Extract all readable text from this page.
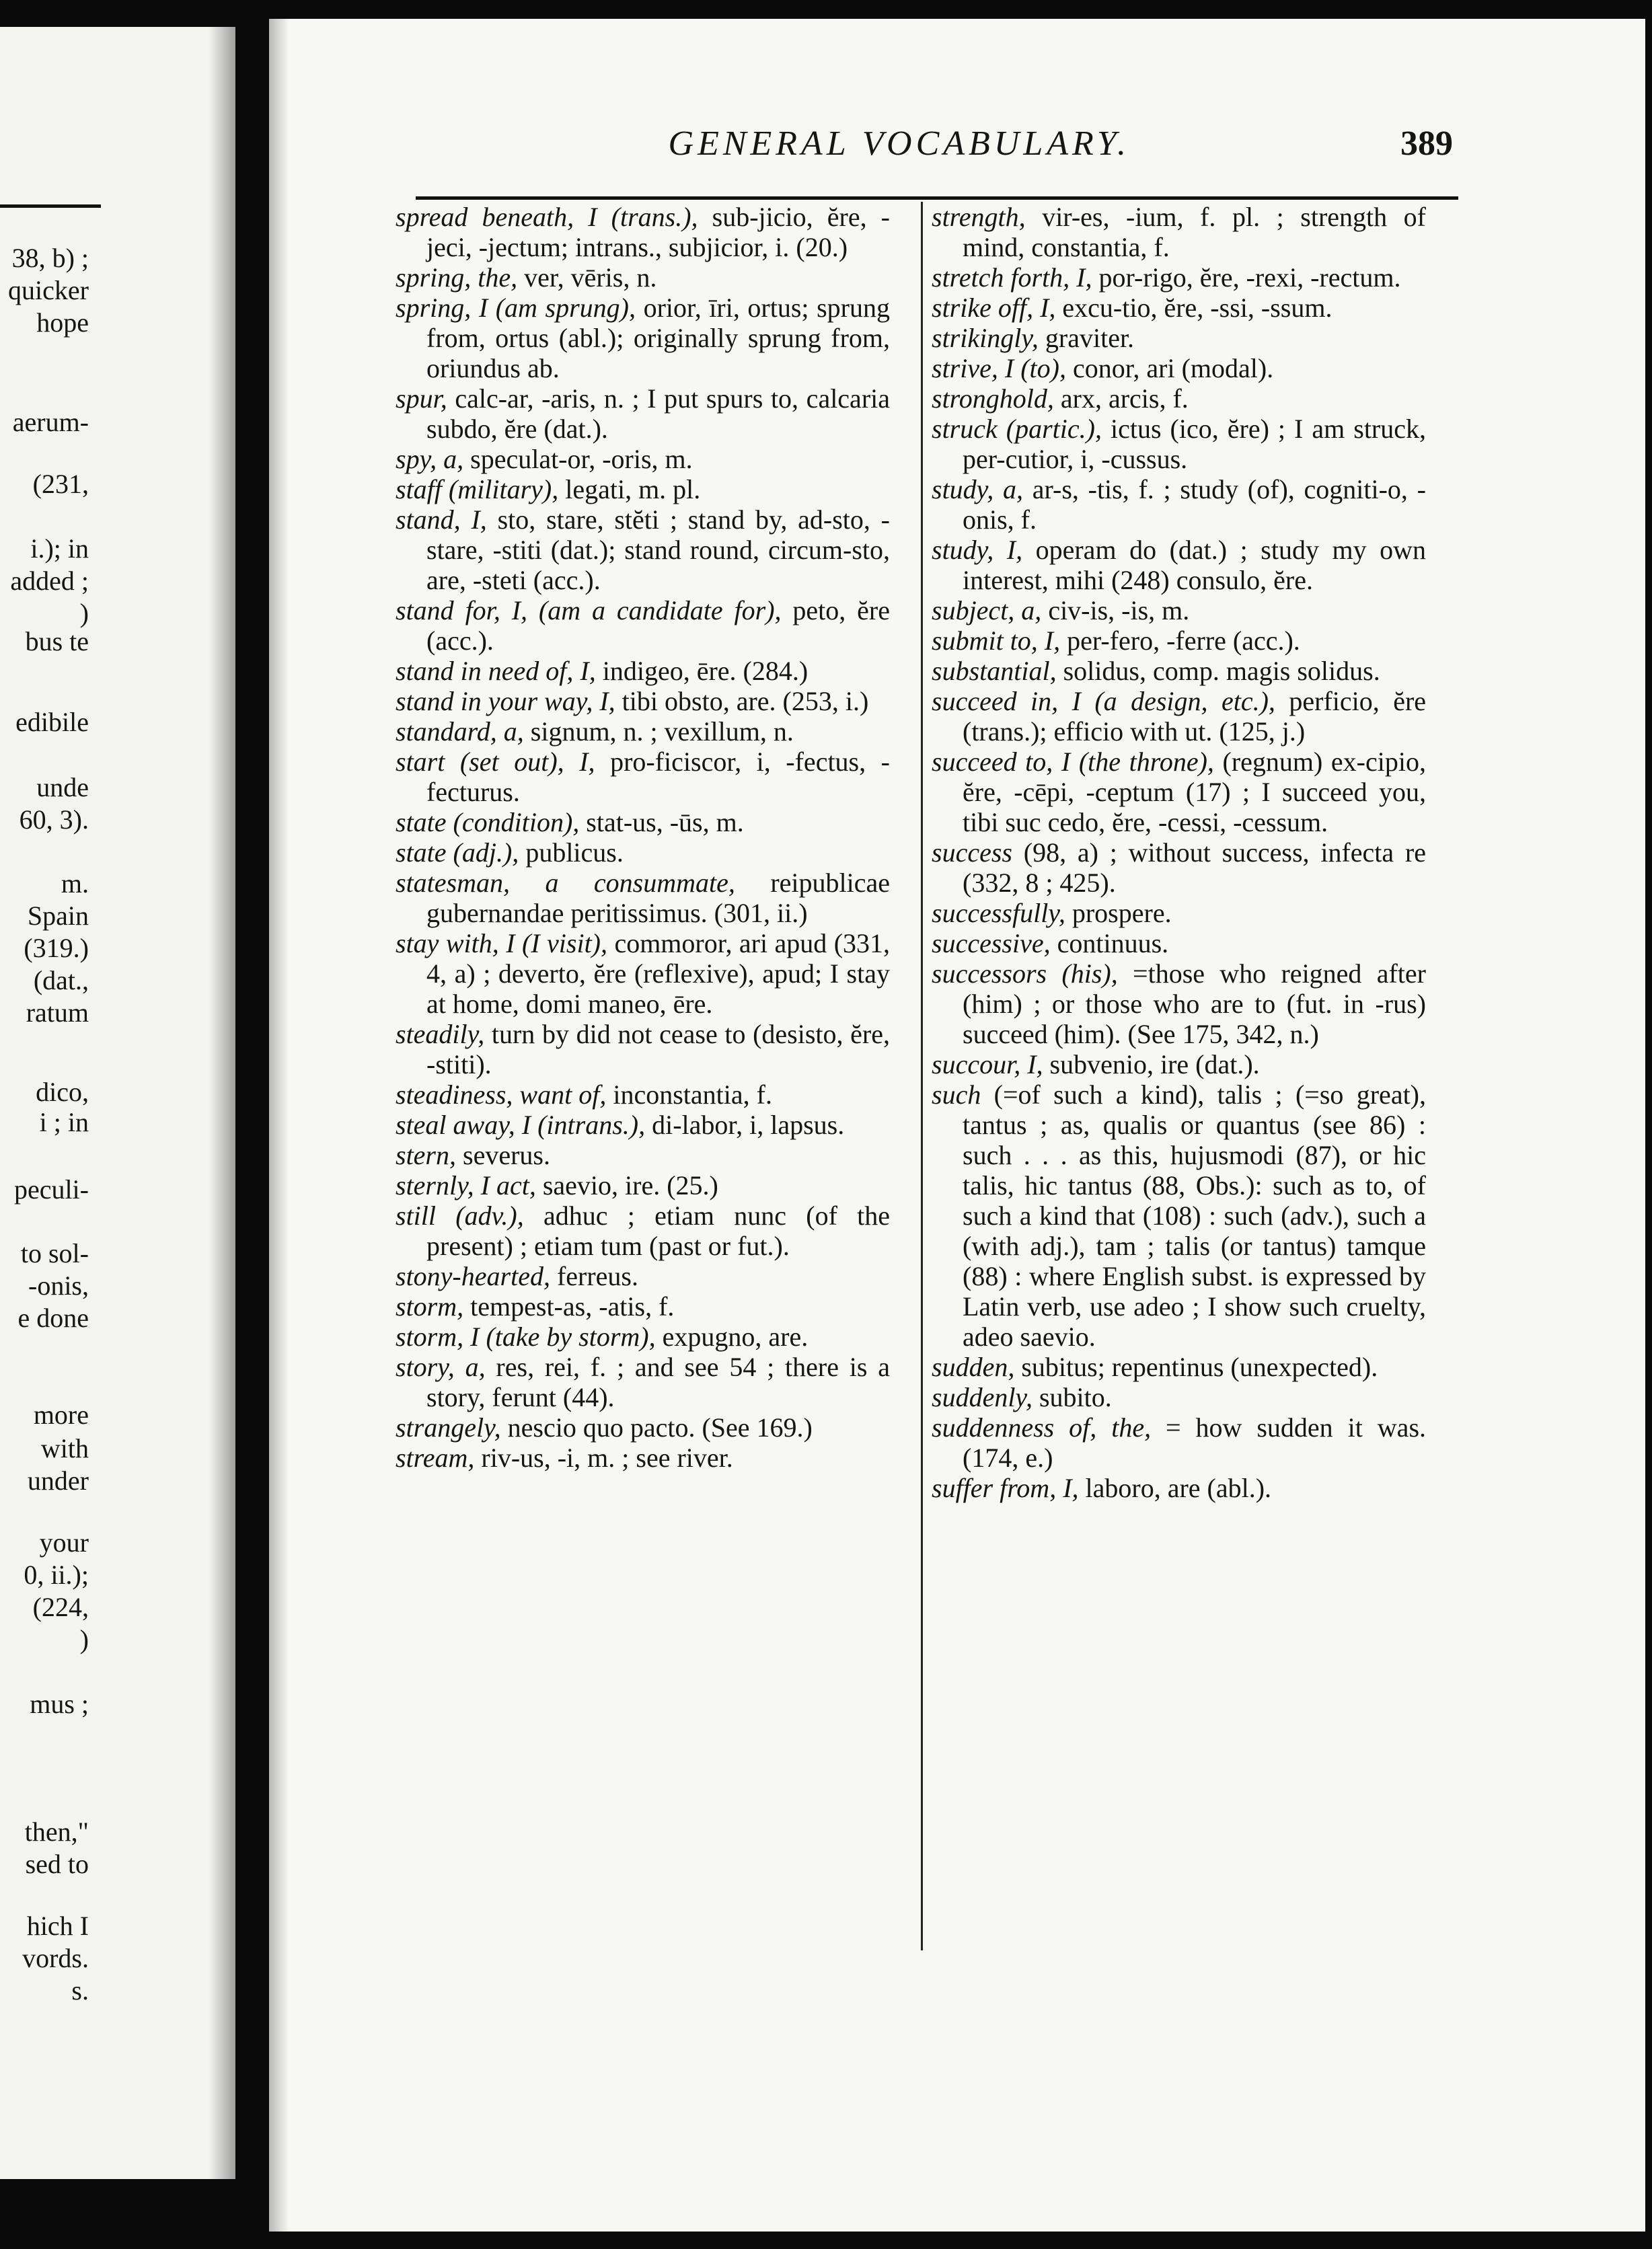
38, b) ;
quicker
hope
aerum-
(231,
i.); in
added ;
)
bus te
edibile
unde
60, 3).
m.
Spain
(319.)
(dat.,
ratum
dico,
i ; in
peculi-
to sol-
-onis,
e done
more
with
under
your
0, ii.);
(224,
)
mus ;
then,"
sed to
hich I
vords.
s.
GENERAL VOCABULARY.	389

spread beneath, I (trans.), sub-jicio, ĕre, -jeci, -jectum; intrans., subjicior, i. (20.)

spring, the, ver, vēris, n.

spring, I (am sprung), orior, īri, ortus; sprung from, ortus (abl.); originally sprung from, oriundus ab.

spur, calc-ar, -aris, n. ; I put spurs to, calcaria subdo, ĕre (dat.).

spy, a, speculat-or, -oris, m.

staff (military), legati, m. pl.

stand, I, sto, stare, stĕti ; stand by, ad-sto, -stare, -stiti (dat.); stand round, circum-sto, are, -steti (acc.).

stand for, I, (am a candidate for), peto, ĕre (acc.).

stand in need of, I, indigeo, ēre. (284.)

stand in your way, I, tibi obsto, are. (253, i.)

standard, a, signum, n. ; vexillum, n.

start (set out), I, pro-ficiscor, i, -fectus, -fecturus.

state (condition), stat-us, -ūs, m.

state (adj.), publicus.

statesman, a consummate, reipublicae gubernandae peritissimus. (301, ii.)

stay with, I (I visit), commoror, ari apud (331, 4, a) ; deverto, ĕre (reflexive), apud; I stay at home, domi maneo, ēre.

steadily, turn by did not cease to (desisto, ĕre, -stiti).

steadiness, want of, inconstantia, f.

steal away, I (intrans.), di-labor, i, lapsus.

stern, severus.

sternly, I act, saevio, ire. (25.)

still (adv.), adhuc ; etiam nunc (of the present) ; etiam tum (past or fut.).

stony-hearted, ferreus.

storm, tempest-as, -atis, f.

storm, I (take by storm), expugno, are.

story, a, res, rei, f. ; and see 54 ; there is a story, ferunt (44).

strangely, nescio quo pacto. (See 169.)

stream, riv-us, -i, m. ; see river.

strength, vir-es, -ium, f. pl. ; strength of mind, constantia, f.

stretch forth, I, por-rigo, ĕre, -rexi, -rectum.

strike off, I, excu-tio, ĕre, -ssi, -ssum.

strikingly, graviter.

strive, I (to), conor, ari (modal).

stronghold, arx, arcis, f.

struck (partic.), ictus (ico, ĕre) ; I am struck, per-cutior, i, -cussus.

study, a, ar-s, -tis, f. ; study (of), cogniti-o, -onis, f.

study, I, operam do (dat.) ; study my own interest, mihi (248) consulo, ĕre.

subject, a, civ-is, -is, m.

submit to, I, per-fero, -ferre (acc.).

substantial, solidus, comp. magis solidus.

succeed in, I (a design, etc.), perficio, ĕre (trans.); efficio with ut. (125, j.)

succeed to, I (the throne), (regnum) ex-cipio, ĕre, -cēpi, -ceptum (17) ; I succeed you, tibi suc cedo, ĕre, -cessi, -cessum.

success (98, a) ; without success, infecta re (332, 8 ; 425).

successfully, prospere.

successive, continuus.

successors (his), =those who reigned after (him) ; or those who are to (fut. in -rus) succeed (him). (See 175, 342, n.)

succour, I, subvenio, ire (dat.).

such (=of such a kind), talis ; (=so great), tantus ; as, qualis or quantus (see 86) : such . . . as this, hujusmodi (87), or hic talis, hic tantus (88, Obs.): such as to, of such a kind that (108) : such (adv.), such a (with adj.), tam ; talis (or tantus) tamque (88) : where English subst. is expressed by Latin verb, use adeo ; I show such cruelty, adeo saevio.

sudden, subitus; repentinus (unexpected).

suddenly, subito.

suddenness of, the, = how sudden it was. (174, e.)

suffer from, I, laboro, are (abl.).
